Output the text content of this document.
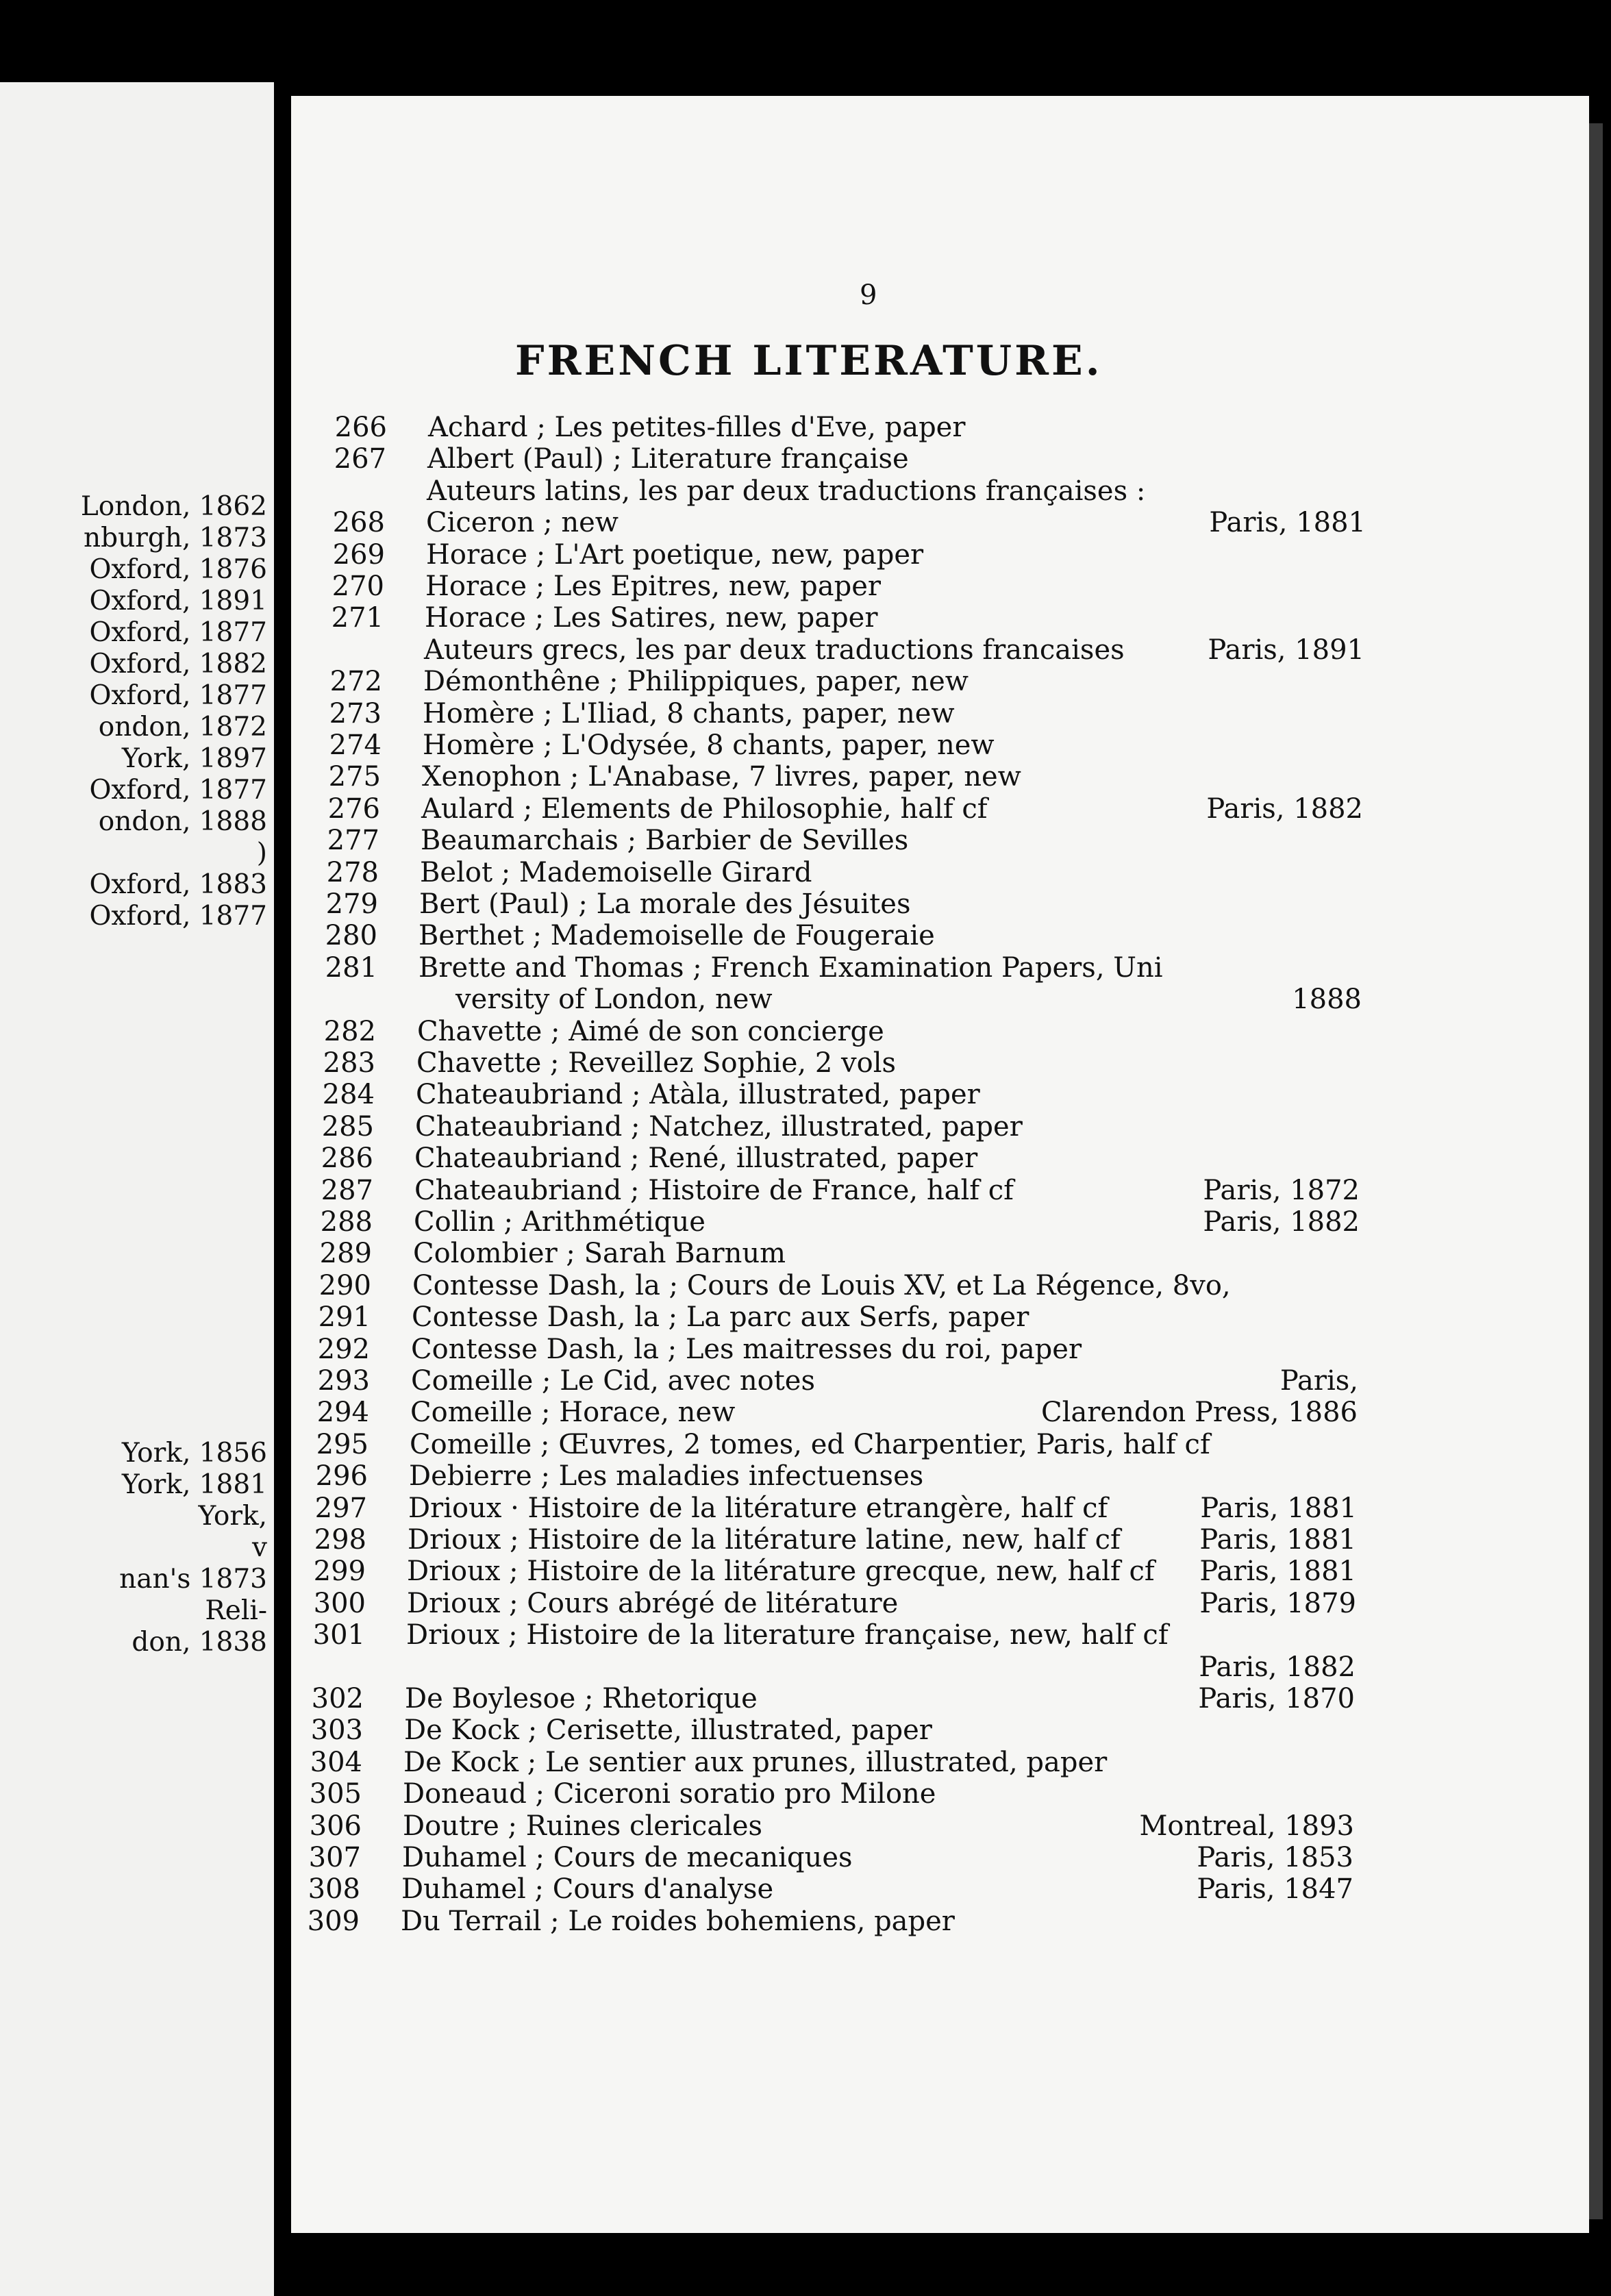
London, 1862
nburgh, 1873
Oxford, 1876
Oxford, 1891
Oxford, 1877
Oxford, 1882
Oxford, 1877
ondon, 1872
York, 1897
Oxford, 1877
ondon, 1888
)
Oxford, 1883
Oxford, 1877
York, 1856
York, 1881
York,
v
nan's 1873
Reli-
don, 1838
9
FRENCH LITERATURE.
266 Achard ; Les petites-filles d'Eve, paper
267 Albert (Paul) ; Literature française
Auteurs latins, les par deux traductions françaises :
268 Ciceron ; new	Paris, 1881
269 Horace ; L'Art poetique, new, paper
270 Horace ; Les Epitres, new, paper
271 Horace ; Les Satires, new, paper
Auteurs grecs, les par deux traductions francaises	Paris, 1891
272 Démonthêne ; Philippiques, paper, new
273 Homère ; L'Iliad, 8 chants, paper, new
274 Homère ; L'Odysée, 8 chants, paper, new
275 Xenophon ; L'Anabase, 7 livres, paper, new
276 Aulard ; Elements de Philosophie, half cf	Paris, 1882
277 Beaumarchais ; Barbier de Sevilles
278 Belot ; Mademoiselle Girard
279 Bert (Paul) ; La morale des Jésuites
280 Berthet ; Mademoiselle de Fougeraie
281 Brette and Thomas ; French Examination Papers, Uni
versity of London, new	1888
282 Chavette ; Aimé de son concierge
283 Chavette ; Reveillez Sophie, 2 vols
284 Chateaubriand ; Atàla, illustrated, paper
285 Chateaubriand ; Natchez, illustrated, paper
286 Chateaubriand ; René, illustrated, paper
287 Chateaubriand ; Histoire de France, half cf	Paris, 1872
288 Collin ; Arithmétique	Paris, 1882
289 Colombier ; Sarah Barnum
290 Contesse Dash, la ; Cours de Louis XV, et La Régence, 8vo,
291 Contesse Dash, la ; La parc aux Serfs, paper
292 Contesse Dash, la ; Les maitresses du roi, paper
293 Comeille ; Le Cid, avec notes	Paris,
294 Comeille ; Horace, new	Clarendon Press, 1886
295 Comeille ; Œuvres, 2 tomes, ed Charpentier, Paris, half cf
296 Debierre ; Les maladies infectuenses
297 Drioux · Histoire de la litérature etrangère, half cf	Paris, 1881
298 Drioux ; Histoire de la litérature latine, new, half cf	Paris, 1881
299 Drioux ; Histoire de la litérature grecque, new, half cf Paris, 1881
300 Drioux ; Cours abrégé de litérature	Paris, 1879
301 Drioux ; Histoire de la literature française, new, half cf
Paris, 1882
302 De Boylesoe ; Rhetorique	Paris, 1870
303 De Kock ; Cerisette, illustrated, paper
304 De Kock ; Le sentier aux prunes, illustrated, paper
305 Doneaud ; Ciceroni soratio pro Milone
306 Doutre ; Ruines clericales	Montreal, 1893
307 Duhamel ; Cours de mecaniques	Paris, 1853
308 Duhamel ; Cours d'analyse	Paris, 1847
309 Du Terrail ; Le roides bohemiens, paper
